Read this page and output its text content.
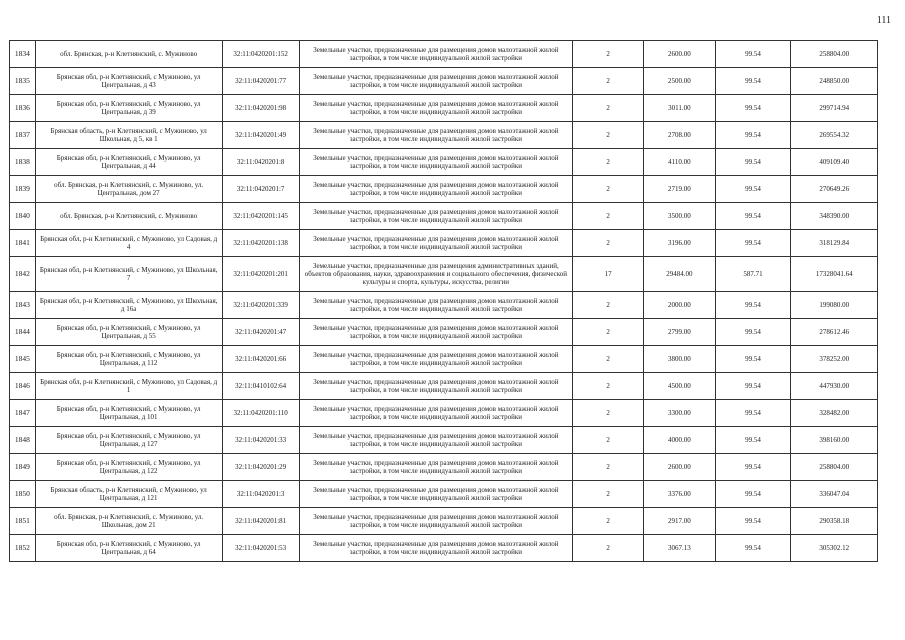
111
1834	обл. Брянская, р-н Клетнянский, с. Мужиново	32:11:0420201:152	Земельные участки, предназначенные для размещения домов малоэтажной жилой застройки, в том числе индивидуальной жилой застройки	2	2600.00	99.54	258804.00
1835	Брянская обл, р-н Клетнянский, с Мужиново, ул Центральная, д 43	32:11:0420201:77	Земельные участки, предназначенные для размещения домов малоэтажной жилой застройки, в том числе индивидуальной жилой застройки	2	2500.00	99.54	248850.00
1836	Брянская обл, р-н Клетнянский, с Мужиново, ул Центральная, д 39	32:11:0420201:98	Земельные участки, предназначенные для размещения домов малоэтажной жилой застройки, в том числе индивидуальной жилой застройки	2	3011.00	99.54	299714.94
1837	Брянская область, р-н Клетнянский, с Мужиново, ул Школьная, д 5, кв 1	32:11:0420201:49	Земельные участки, предназначенные для размещения домов малоэтажной жилой застройки, в том числе индивидуальной жилой застройки	2	2708.00	99.54	269554.32
1838	Брянская обл, р-н Клетнянский, с Мужиново, ул Центральная, д 44	32:11:0420201:8	Земельные участки, предназначенные для размещения домов малоэтажной жилой застройки, в том числе индивидуальной жилой застройки	2	4110.00	99.54	409109.40
1839	обл. Брянская, р-н Клетнянский, с. Мужиново, ул. Центральная, дом 27	32:11:0420201:7	Земельные участки, предназначенные для размещения домов малоэтажной жилой застройки, в том числе индивидуальной жилой застройки	2	2719.00	99.54	270649.26
1840	обл. Брянская, р-н Клетнянский, с. Мужиново	32:11:0420201:145	Земельные участки, предназначенные для размещения домов малоэтажной жилой застройки, в том числе индивидуальной жилой застройки	2	3500.00	99.54	348390.00
1841	Брянская обл, р-н Клетнянский, с Мужиново, ул Садовая, д 4	32:11:0420201:138	Земельные участки, предназначенные для размещения домов малоэтажной жилой застройки, в том числе индивидуальной жилой застройки	2	3196.00	99.54	318129.84
1842	Брянская обл, р-н Клетнянский, с Мужиново, ул Школьная, 7	32:11:0420201:201	Земельные участки, предназначенные для размещения административных зданий, объектов образования, науки, здравоохранения и социального обеспечения, физической культуры и спорта, культуры, искусства, религии	17	29484.00	587.71	17328041.64
1843	Брянская обл, р-н Клетнянский, с Мужиново, ул Школьная, д 16а	32:11:0420201:339	Земельные участки, предназначенные для размещения домов малоэтажной жилой застройки, в том числе индивидуальной жилой застройки	2	2000.00	99.54	199080.00
1844	Брянская обл, р-н Клетнянский, с Мужиново, ул Центральная, д 55	32:11:0420201:47	Земельные участки, предназначенные для размещения домов малоэтажной жилой застройки, в том числе индивидуальной жилой застройки	2	2799.00	99.54	278612.46
1845	Брянская обл, р-н Клетнянский, с Мужиново, ул Центральная, д 112	32:11:0420201:66	Земельные участки, предназначенные для размещения домов малоэтажной жилой застройки, в том числе индивидуальной жилой застройки	2	3800.00	99.54	378252.00
1846	Брянская обл, р-н Клетнянский, с Мужиново, ул Садовая, д 1	32:11:0410102:64	Земельные участки, предназначенные для размещения домов малоэтажной жилой застройки, в том числе индивидуальной жилой застройки	2	4500.00	99.54	447930.00
1847	Брянская обл, р-н Клетнянский, с Мужиново, ул Центральная, д 101	32:11:0420201:110	Земельные участки, предназначенные для размещения домов малоэтажной жилой застройки, в том числе индивидуальной жилой застройки	2	3300.00	99.54	328482.00
1848	Брянская обл, р-н Клетнянский, с Мужиново, ул Центральная, д 127	32:11:0420201:33	Земельные участки, предназначенные для размещения домов малоэтажной жилой застройки, в том числе индивидуальной жилой застройки	2	4000.00	99.54	398160.00
1849	Брянская обл, р-н Клетнянский, с Мужиново, ул Центральная, д 122	32:11:0420201:29	Земельные участки, предназначенные для размещения домов малоэтажной жилой застройки, в том числе индивидуальной жилой застройки	2	2600.00	99.54	258804.00
1850	Брянская область, р-н Клетнянский, с Мужиново, ул Центральная, д 121	32:11:0420201:3	Земельные участки, предназначенные для размещения домов малоэтажной жилой застройки, в том числе индивидуальной жилой застройки	2	3376.00	99.54	336047.04
1851	обл. Брянская, р-н Клетнянский, с. Мужиново, ул. Школьная, дом 21	32:11:0420201:81	Земельные участки, предназначенные для размещения домов малоэтажной жилой застройки, в том числе индивидуальной жилой застройки	2	2917.00	99.54	290358.18
1852	Брянская обл, р-н Клетнянский, с Мужиново, ул Центральная, д 64	32:11:0420201:53	Земельные участки, предназначенные для размещения домов малоэтажной жилой застройки, в том числе индивидуальной жилой застройки	2	3067.13	99.54	305302.12
